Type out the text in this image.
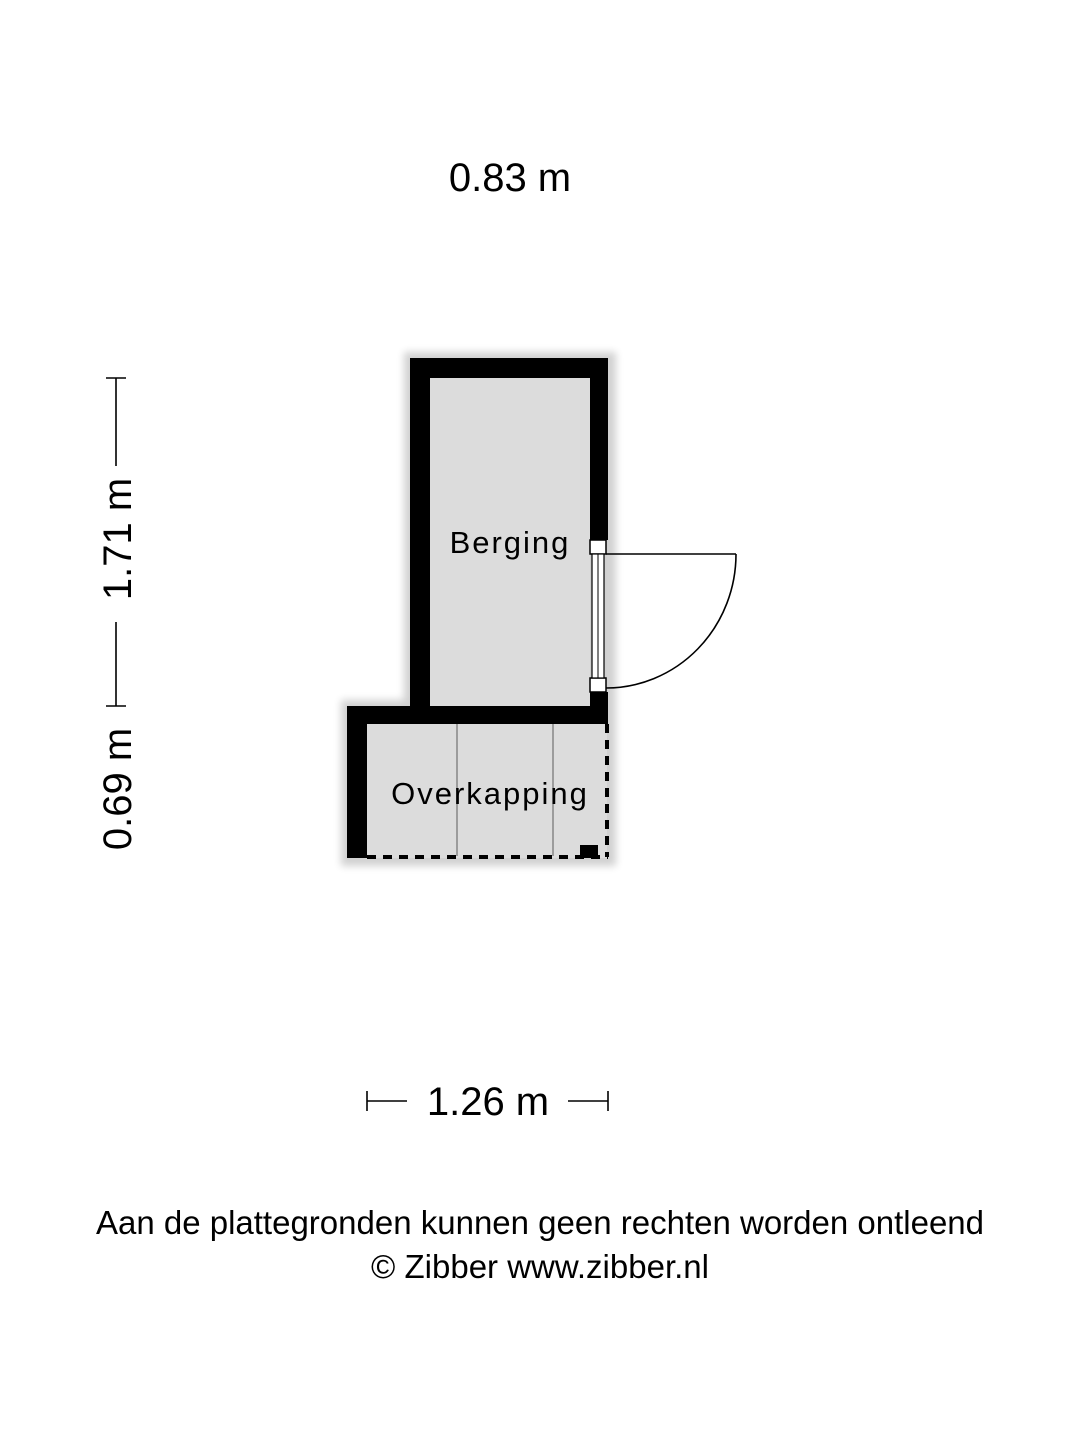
Berging
Overkapping
0.83 m
1.26 m
1.71 m
0.69 m
Aan de plattegronden kunnen geen rechten worden ontleend
© Zibber www.zibber.nl
